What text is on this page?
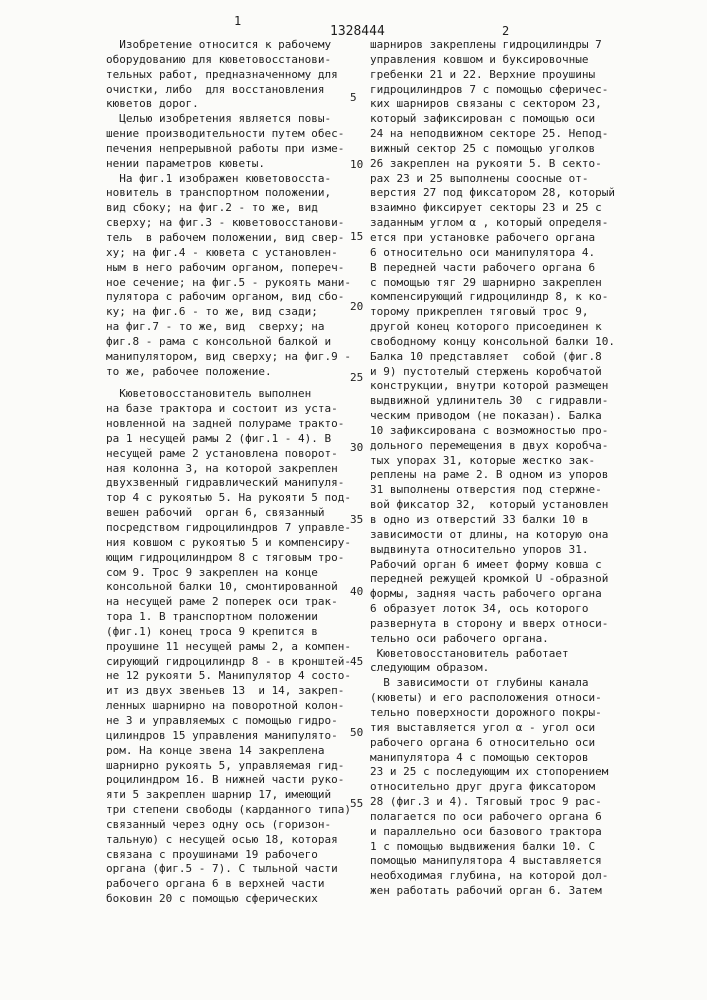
1
1328444	2
Изобретение относится к рабочему
оборудованию для кюветовосстанови-
тельных работ, предназначенному для
очистки, либо  для восстановления
кюветов дорог.
Целью изобретения является повы-
шение производительности путем обес-
печения непрерывной работы при изме-
нении параметров кюветы.
На фиг.1 изображен кюветовосста-
новитель в транспортном положении,
вид сбоку; на фиг.2 - то же, вид
сверху; на фиг.3 - кюветовосстанови-
тель  в рабочем положении, вид свер-
ху; на фиг.4 - кювета с установлен-
ным в него рабочим органом, попереч-
ное сечение; на фиг.5 - рукоять мани-
пулятора с рабочим органом, вид сбо-
ку; на фиг.6 - то же, вид сзади;
на фиг.7 - то же, вид  сверху; на
фиг.8 - рама с консольной балкой и
манипулятором, вид сверху; на фиг.9 -
то же, рабочее положение.
Кюветовосстановитель выполнен
на базе трактора и состоит из уста-
новленной на задней полураме тракто-
ра 1 несущей рамы 2 (фиг.1 - 4). В
несущей раме 2 установлена поворот-
ная колонна 3, на которой закреплен
двухзвенный гидравлический манипуля-
тор 4 с рукоятью 5. На рукояти 5 под-
вешен рабочий  орган 6, связанный
посредством гидроцилиндров 7 управле-
ния ковшом с рукоятью 5 и компенсиру-
ющим гидроцилиндром 8 с тяговым тро-
сом 9. Трос 9 закреплен на конце
консольной балки 10, смонтированной
на несущей раме 2 поперек оси трак-
тора 1. В транспортном положении
(фиг.1) конец троса 9 крепится в
проушине 11 несущей рамы 2, а компен-
сирующий гидроцилиндр 8 - в кронштей-
не 12 рукояти 5. Манипулятор 4 состо-
ит из двух звеньев 13  и 14, закреп-
ленных шарнирно на поворотной колон-
не 3 и управляемых с помощью гидро-
цилиндров 15 управления манипулято-
ром. На конце звена 14 закреплена
шарнирно рукоять 5, управляемая гид-
роцилиндром 16. В нижней части руко-
яти 5 закреплен шарнир 17, имеющий
три степени свободы (карданного типа)
связанный через одну ось (горизон-
тальную) с несущей осью 18, которая
связана с проушинами 19 рабочего
органа (фиг.5 - 7). С тыльной части
рабочего органа 6 в верхней части
боковин 20 с помощью сферических
шарниров закреплены гидроцилиндры 7
управления ковшом и буксировочные
гребенки 21 и 22. Верхние проушины
гидроцилиндров 7 с помощью сферичес-
ких шарниров связаны с сектором 23,
который зафиксирован с помощью оси
24 на неподвижном секторе 25. Непод-
вижный сектор 25 с помощью уголков
26 закреплен на рукояти 5. В секто-
рах 23 и 25 выполнены соосные от-
верстия 27 под фиксатором 28, который
взаимно фиксирует секторы 23 и 25 с
заданным углом α , который определя-
ется при установке рабочего органа
6 относительно оси манипулятора 4.
В передней части рабочего органа 6
с помощью тяг 29 шарнирно закреплен
компенсирующий гидроцилиндр 8, к ко-
торому прикреплен тяговый трос 9,
другой конец которого присоединен к
свободному концу консольной балки 10.
Балка 10 представляет  собой (фиг.8
и 9) пустотелый стержень коробчатой
конструкции, внутри которой размещен
выдвижной удлинитель 30  с гидравли-
ческим приводом (не показан). Балка
10 зафиксирована с возможностью про-
дольного перемещения в двух коробча-
тых упорах 31, которые жестко зак-
реплены на раме 2. В одном из упоров
31 выполнены отверстия под стержне-
вой фиксатор 32,  который установлен
в одно из отверстий 33 балки 10 в
зависимости от длины, на которую она
выдвинута относительно упоров 31.
Рабочий орган 6 имеет форму ковша с
передней режущей кромкой U -образной
формы, задняя часть рабочего органа
6 образует лоток 34, ось которого
развернута в сторону и вверх относи-
тельно оси рабочего органа.
Кюветовосстановитель работает
следующим образом.
В зависимости от глубины канала
(кюветы) и его расположения относи-
тельно поверхности дорожного покры-
тия выставляется угол α - угол оси
рабочего органа 6 относительно оси
манипулятора 4 с помощью секторов
23 и 25 с последующим их стопорением
относительно друг друга фиксатором
28 (фиг.3 и 4). Тяговый трос 9 рас-
полагается по оси рабочего органа 6
и параллельно оси базового трактора
1 с помощью выдвижения балки 10. С
помощью манипулятора 4 выставляется
необходимая глубина, на которой дол-
жен работать рабочий орган 6. Затем
5
10
15
20
25
30
35
40
45
50
55
